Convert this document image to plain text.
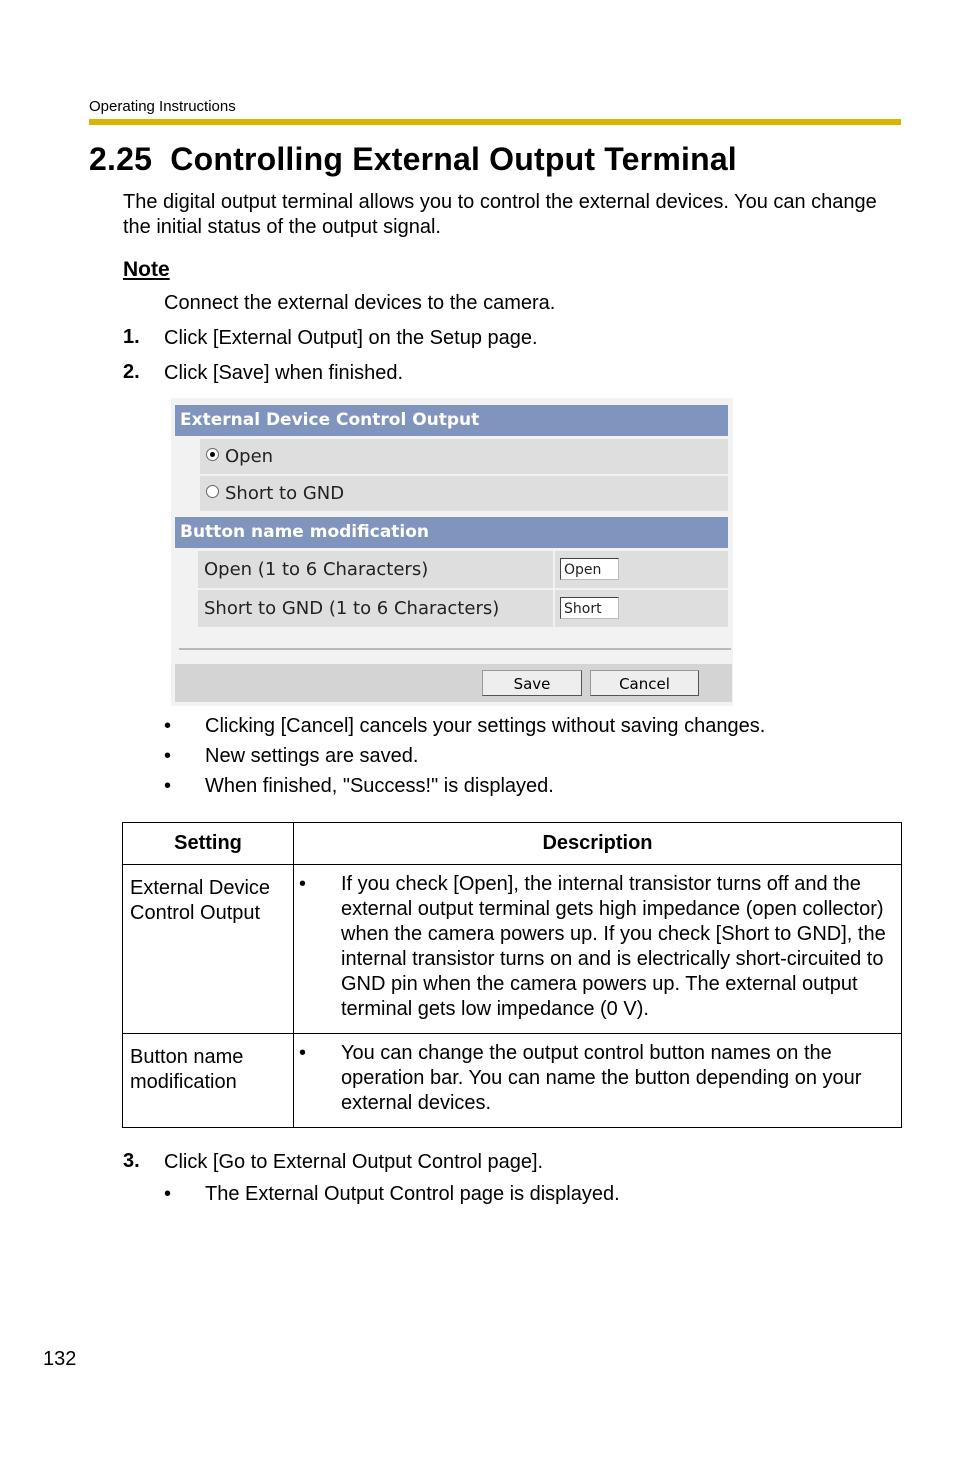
Operating Instructions
2.25 Controlling External Output Terminal
The digital output terminal allows you to control the external devices. You can change the initial status of the output signal.
Note
Connect the external devices to the camera.
1. Click [External Output] on the Setup page.
2. Click [Save] when finished.
External Device Control Output
Open
Short to GND
Button name modification
Open (1 to 6 Characters)	Open
Short to GND (1 to 6 Characters)	Short
Save	Cancel
• Clicking [Cancel] cancels your settings without saving changes.
• New settings are saved.
• When finished, "Success!" is displayed.
Setting	Description
External Device Control Output	• If you check [Open], the internal transistor turns off and the external output terminal gets high impedance (open collector) when the camera powers up. If you check [Short to GND], the internal transistor turns on and is electrically short-circuited to GND pin when the camera powers up. The external output terminal gets low impedance (0 V).

Button name modification	• You can change the output control button names on the operation bar. You can name the button depending on your external devices.
3. Click [Go to External Output Control page].
• The External Output Control page is displayed.
132
